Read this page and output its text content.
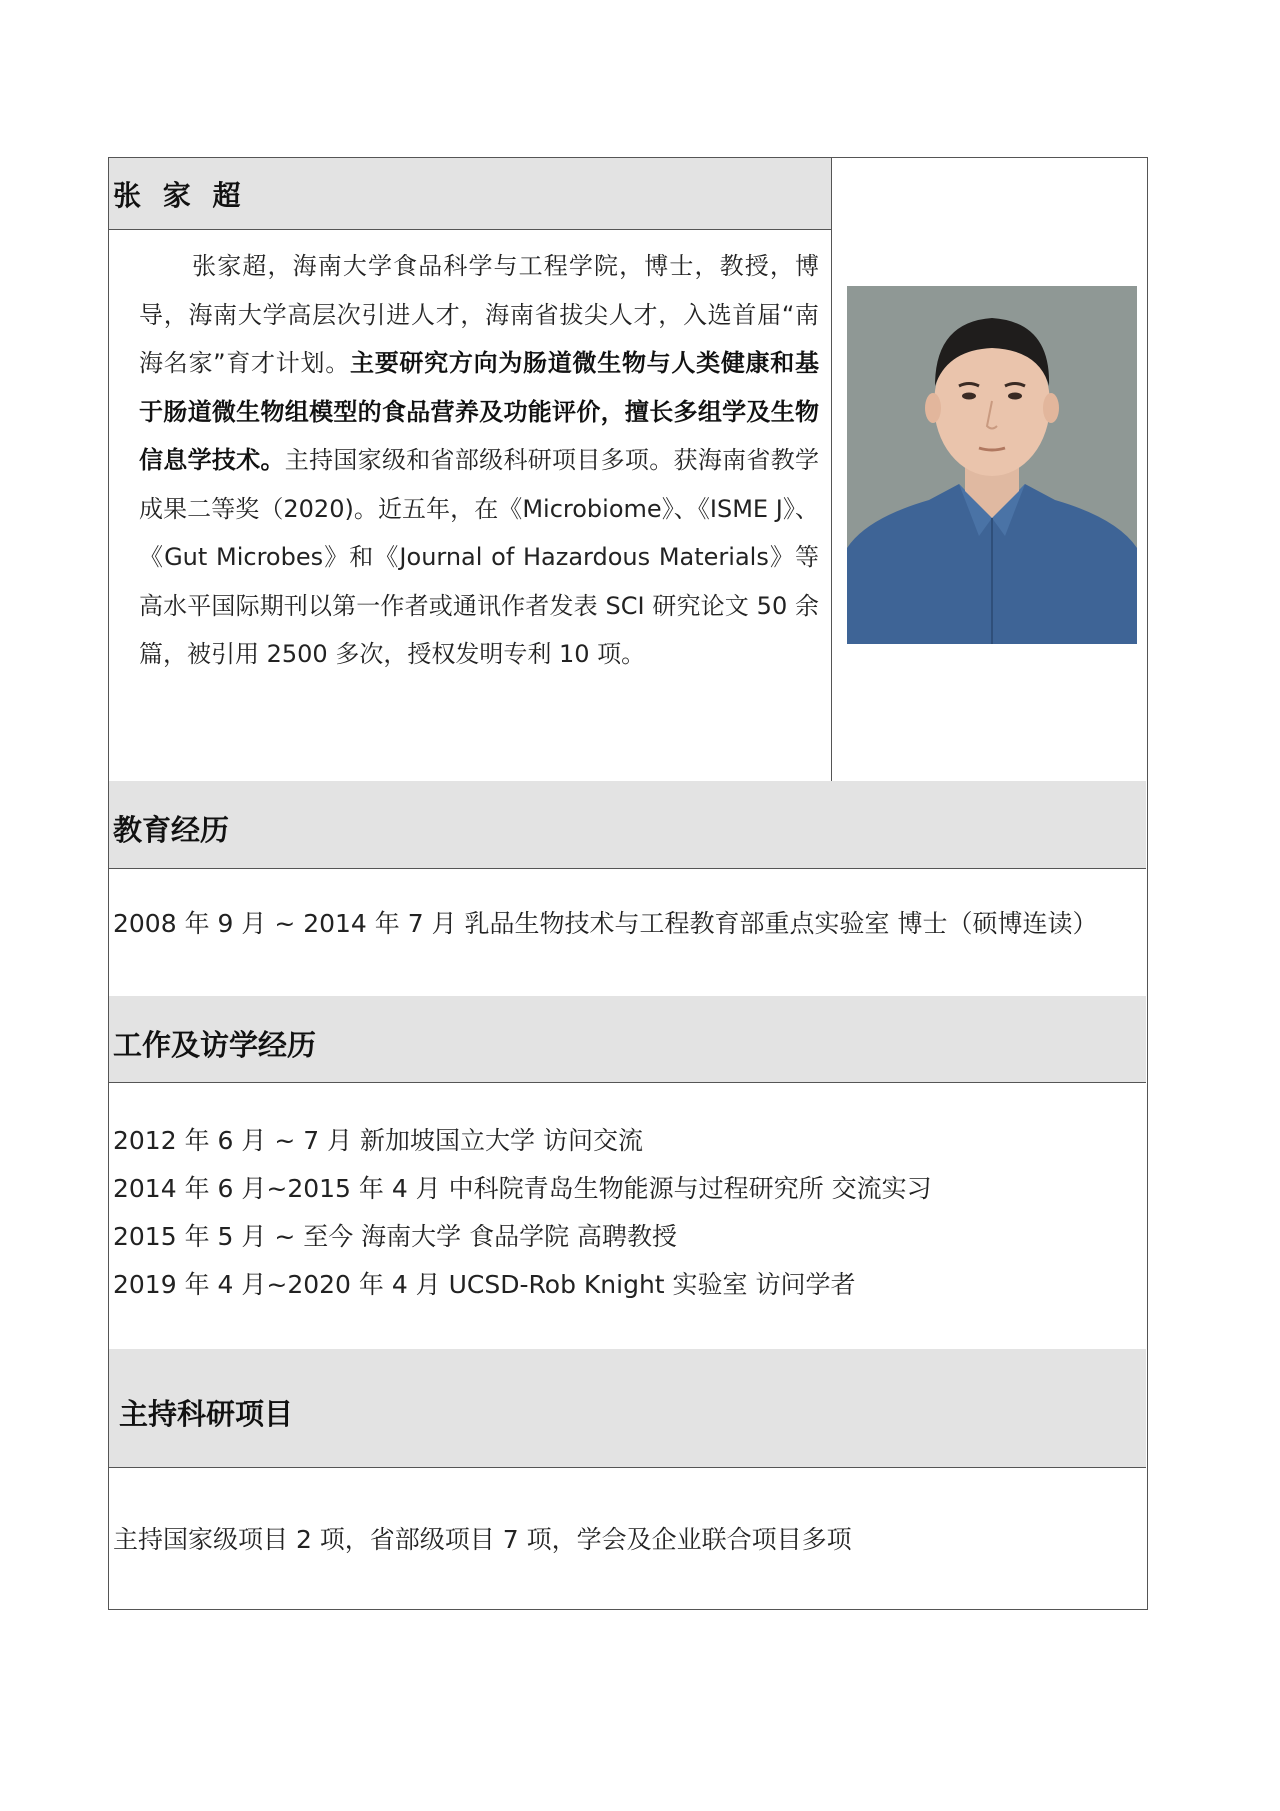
张 家 超
张家超，海南大学食品科学与工程学院，博士，教授，博导，海南大学高层次引进人才，海南省拔尖人才，入选首届“南海名家”育才计划。主要研究方向为肠道微生物与人类健康和基于肠道微生物组模型的食品营养及功能评价，擅长多组学及生物信息学技术。主持国家级和省部级科研项目多项。获海南省教学成果二等奖（2020)。近五年，在《Microbiome》、《ISME J》、《Gut Microbes》和《Journal of Hazardous Materials》等高水平国际期刊以第一作者或通讯作者发表 SCI 研究论文 50 余篇，被引用 2500 多次，授权发明专利 10 项。
教育经历
2008 年 9 月 ~ 2014 年 7 月 乳品生物技术与工程教育部重点实验室 博士（硕博连读）
工作及访学经历
2012 年 6 月 ~ 7 月 新加坡国立大学 访问交流
2014 年 6 月~2015 年 4 月 中科院青岛生物能源与过程研究所 交流实习
2015 年 5 月 ~ 至今 海南大学 食品学院 高聘教授
2019 年 4 月~2020 年 4 月 UCSD-Rob Knight 实验室 访问学者
主持科研项目
主持国家级项目 2 项，省部级项目 7 项，学会及企业联合项目多项
